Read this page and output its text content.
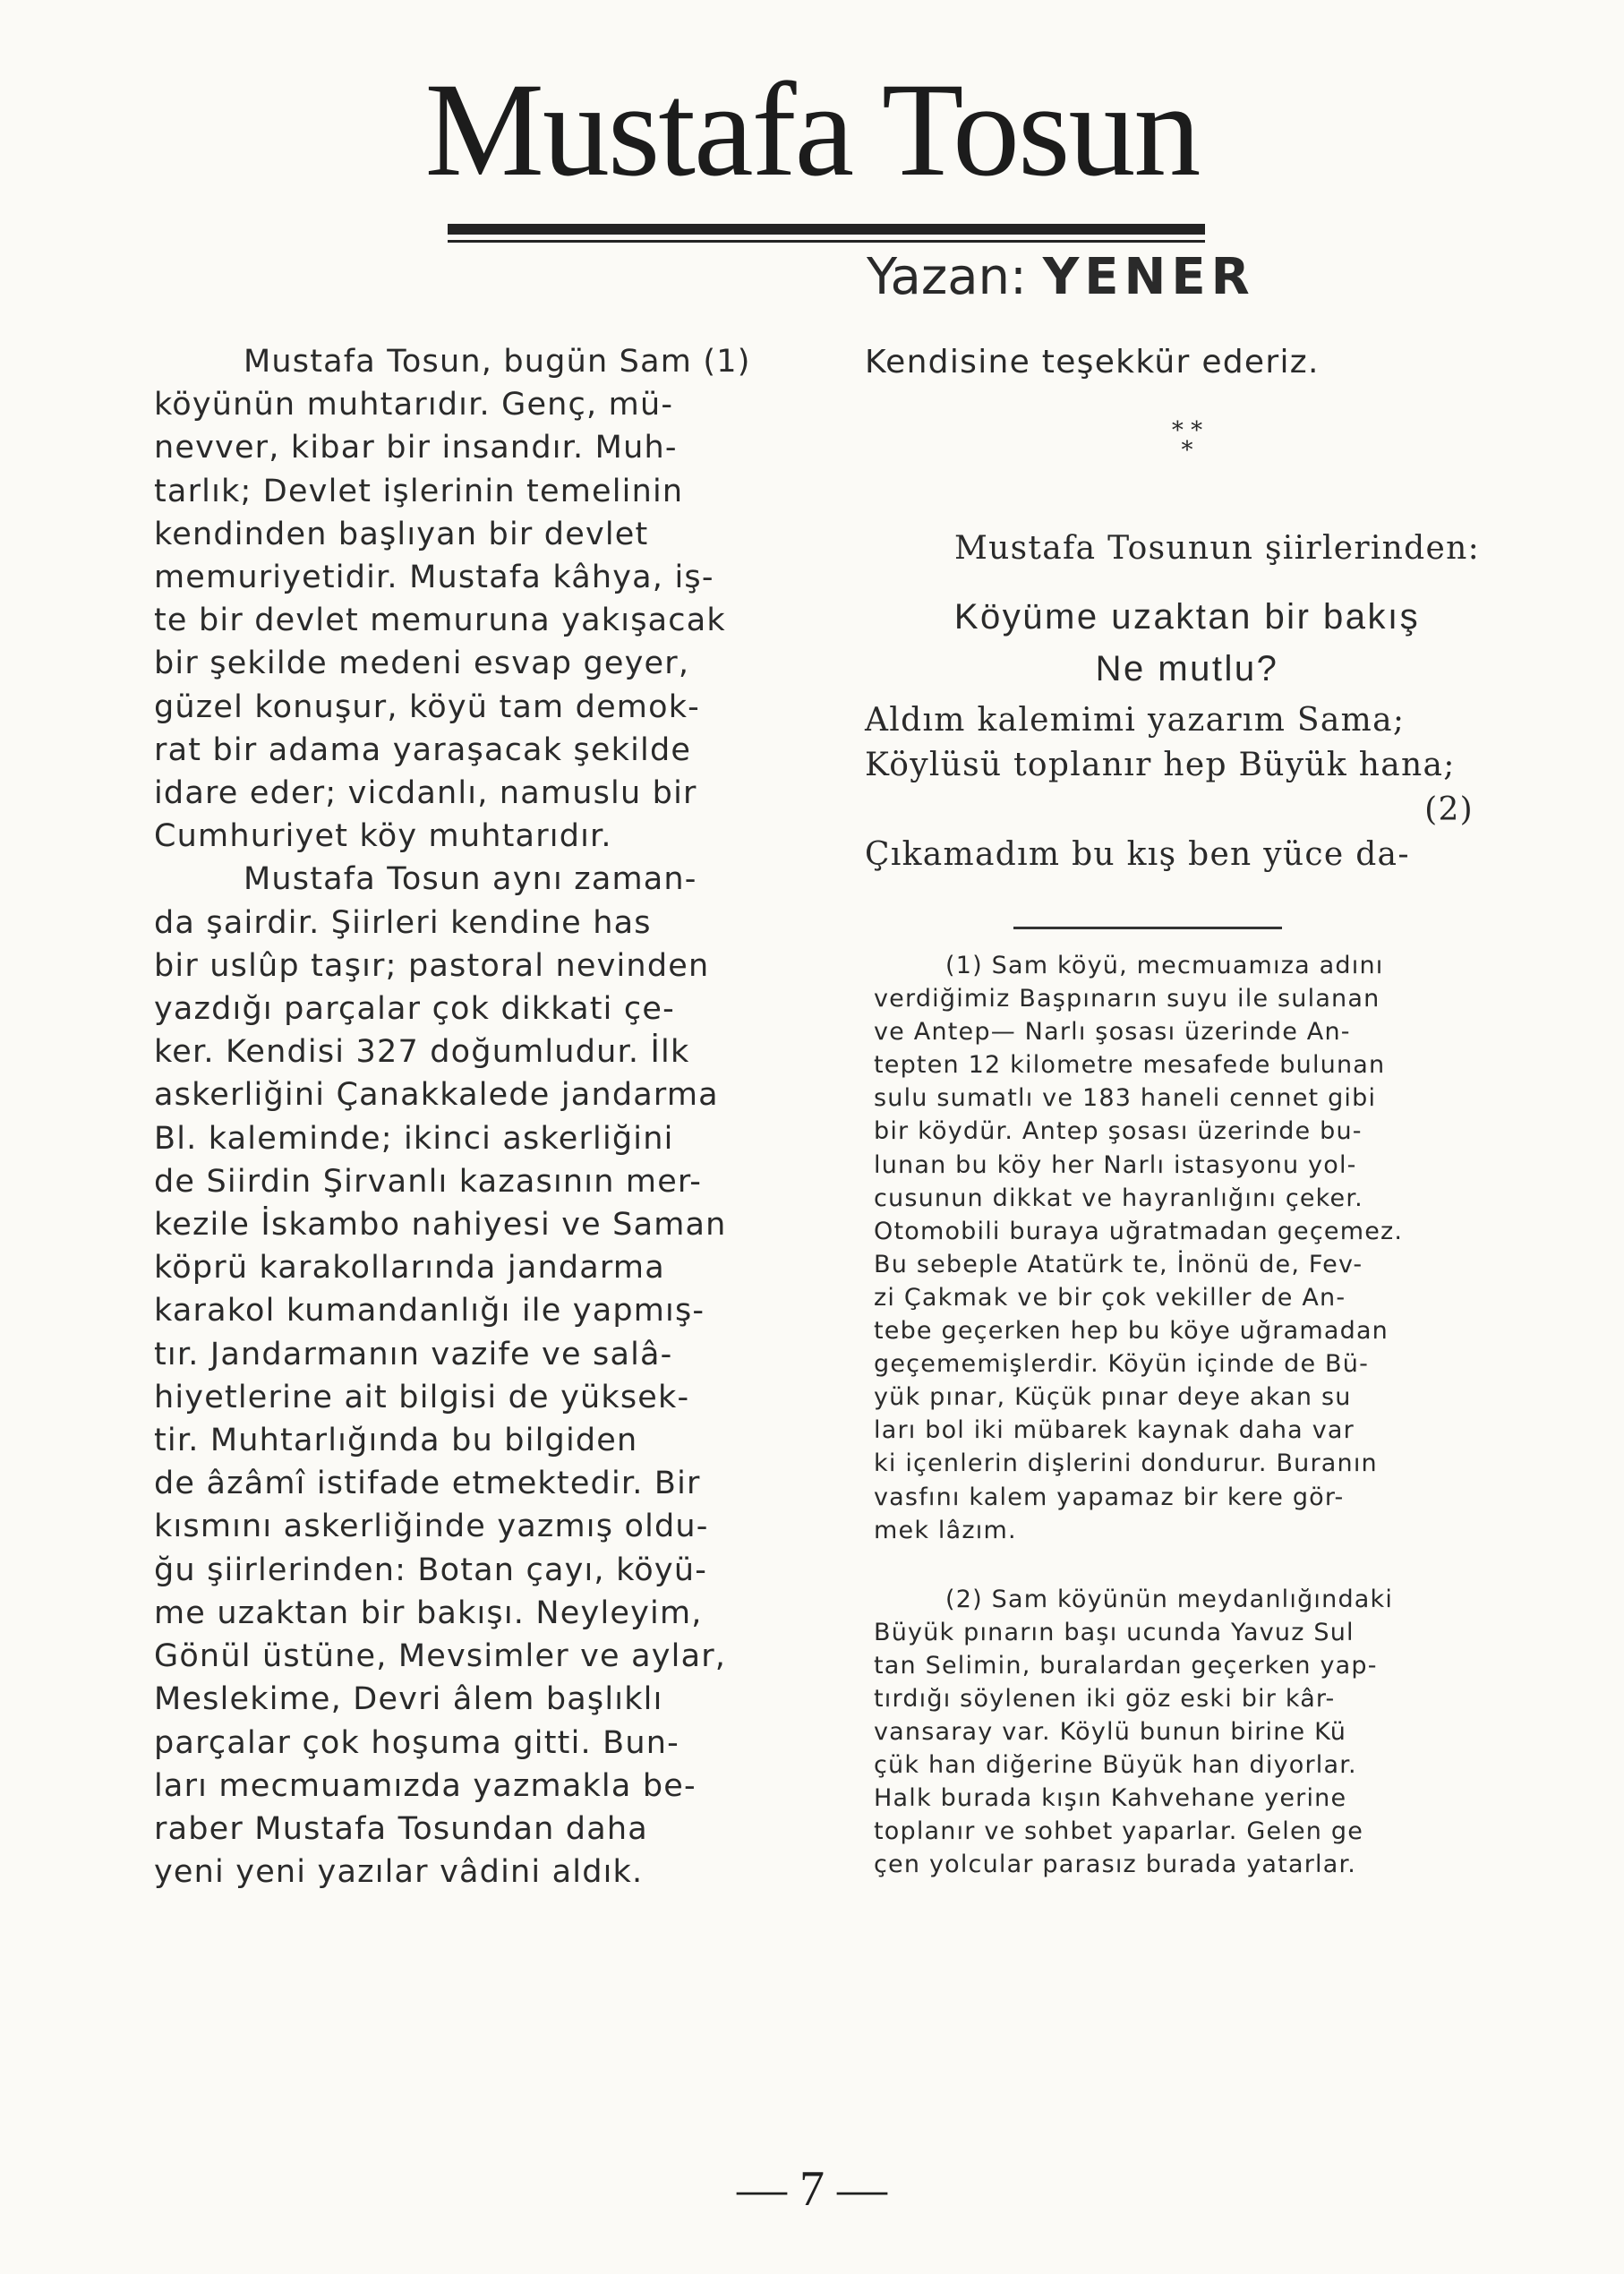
Mustafa Tosun
Yazan: YENER
Mustafa Tosun, bugün Sam (1)
köyünün muhtarıdır. Genç, mü-
nevver, kibar bir insandır. Muh-
tarlık; Devlet işlerinin temelinin
kendinden başlıyan bir devlet
memuriyetidir. Mustafa kâhya, iş-
te bir devlet memuruna yakışacak
bir şekilde medeni esvap geyer,
güzel konuşur, köyü tam demok-
rat bir adama yaraşacak şekilde
idare eder; vicdanlı, namuslu bir
Cumhuriyet köy muhtarıdır.
Mustafa Tosun aynı zaman-
da şairdir. Şiirleri kendine has
bir uslûp taşır; pastoral nevinden
yazdığı parçalar çok dikkati çe-
ker. Kendisi 327 doğumludur. İlk
askerliğini Çanakkalede jandarma
Bl. kaleminde; ikinci askerliğini
de Siirdin Şirvanlı kazasının mer-
kezile İskambo nahiyesi ve Saman
köprü karakollarında jandarma
karakol kumandanlığı ile yapmış-
tır. Jandarmanın vazife ve salâ-
hiyetlerine ait bilgisi de yüksek-
tir. Muhtarlığında bu bilgiden
de âzâmî istifade etmektedir. Bir
kısmını askerliğinde yazmış oldu-
ğu şiirlerinden: Botan çayı, köyü-
me uzaktan bir bakışı. Neyleyim,
Gönül üstüne, Mevsimler ve aylar,
Meslekime, Devri âlem başlıklı
parçalar çok hoşuma gitti. Bun-
ları mecmuamızda yazmakla be-
raber Mustafa Tosundan daha
yeni yeni yazılar vâdini aldık.
Kendisine teşekkür ederiz.
* *
*
Mustafa Tosunun şiirlerinden:
Köyüme uzaktan bir bakış
Ne mutlu?
Aldım kalemimi yazarım Sama;
Köylüsü toplanır hep Büyük hana;
(2)
Çıkamadım bu kış ben yüce da-
(1) Sam köyü, mecmuamıza adını
verdiğimiz Başpınarın suyu ile sulanan
ve Antep— Narlı şosası üzerinde An-
tepten 12 kilometre mesafede bulunan
sulu sumatlı ve 183 haneli cennet gibi
bir köydür. Antep şosası üzerinde bu-
lunan bu köy her Narlı istasyonu yol-
cusunun dikkat ve hayranlığını çeker.
Otomobili buraya uğratmadan geçemez.
Bu sebeple Atatürk te, İnönü de, Fev-
zi Çakmak ve bir çok vekiller de An-
tebe geçerken hep bu köye uğramadan
geçememişlerdir. Köyün içinde de Bü-
yük pınar, Küçük pınar deye akan su
ları bol iki mübarek kaynak daha var
ki içenlerin dişlerini dondurur. Buranın
vasfını kalem yapamaz bir kere gör-
mek lâzım.
(2) Sam köyünün meydanlığındaki
Büyük pınarın başı ucunda Yavuz Sul
tan Selimin, buralardan geçerken yap-
tırdığı söylenen iki göz eski bir kâr-
vansaray var. Köylü bunun birine Kü
çük han diğerine Büyük han diyorlar.
Halk burada kışın Kahvehane yerine
toplanır ve sohbet yaparlar. Gelen ge
çen yolcular parasız burada yatarlar.
— 7 —
